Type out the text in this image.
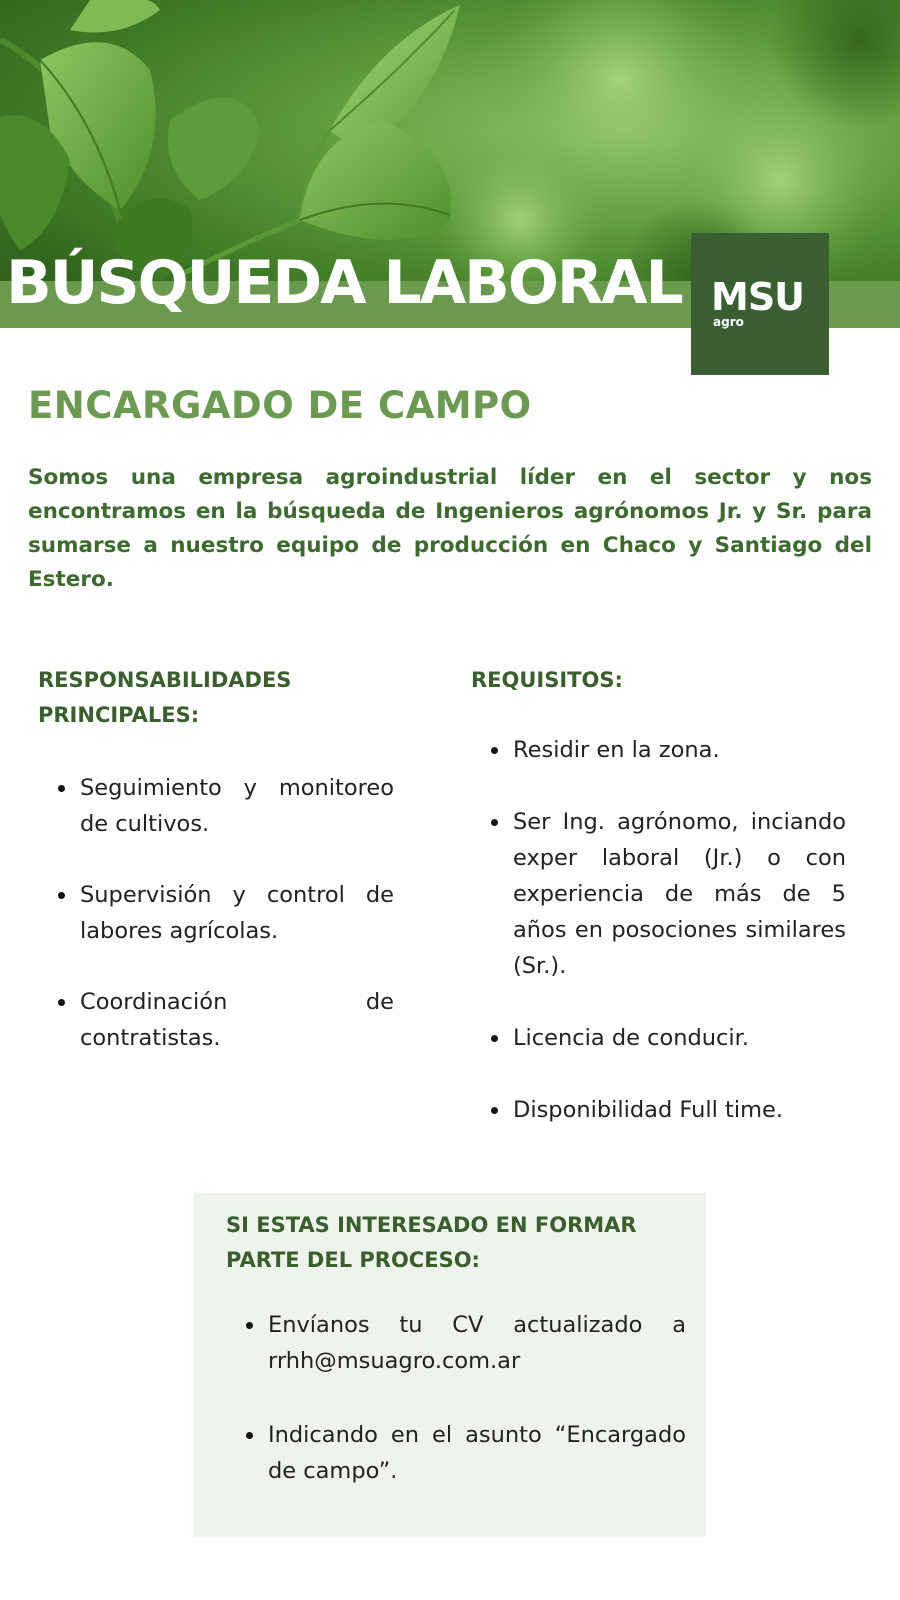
BÚSQUEDA LABORAL MSU
agro
ENCARGADO DE CAMPO

Somos una empresa agroindustrial líder en el sector y nos encontramos en la búsqueda de Ingenieros agrónomos Jr. y Sr. para sumarse a nuestro equipo de producción en Chaco y Santiago del Estero.

RESPONSABILIDADES PRINCIPALES:
Seguimiento y monitoreo de cultivos.
Supervisión y control de labores agrícolas.
Coordinación de contratistas.
REQUISITOS:
Residir en la zona.
Ser Ing. agrónomo, inciando exper laboral (Jr.) o con experiencia de más de 5 años en posociones similares (Sr.).
Licencia de conducir.
Disponibilidad Full time.
SI ESTAS INTERESADO EN FORMAR PARTE DEL PROCESO:
Envíanos tu CV actualizado a rrhh@msuagro.com.ar
Indicando en el asunto “Encargado de campo”.
